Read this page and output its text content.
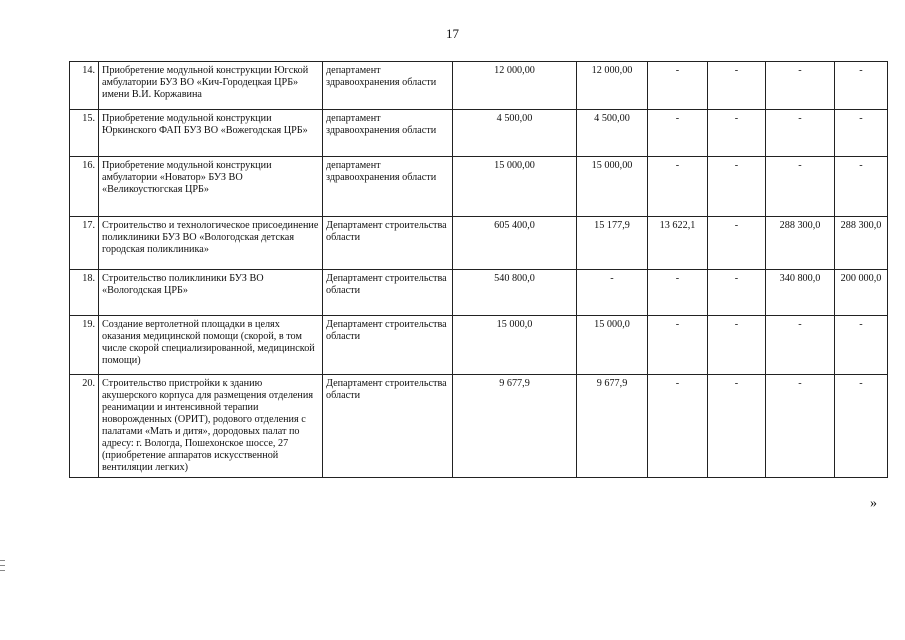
17
14.	Приобретение модульной конструкции Югской амбулатории БУЗ ВО «Кич-Городецкая ЦРБ» имени В.И. Коржавина	департамент здравоохранения области	12 000,00	12 000,00	-	-	-	-
15.	Приобретение модульной конструкции Юркинского ФАП БУЗ ВО «Вожегодская ЦРБ»	департамент здравоохранения области	4 500,00	4 500,00	-	-	-	-
16.	Приобретение модульной конструкции амбулатории «Новатор» БУЗ ВО «Великоустюгская ЦРБ»	департамент здравоохранения области	15 000,00	15 000,00	-	-	-	-
17.	Строительство и технологическое присоединение поликлиники БУЗ ВО «Вологодская детская городская поликлиника»	Департамент строительства области	605 400,0	15 177,9	13 622,1	-	288 300,0	288 300,0
18.	Строительство поликлиники БУЗ ВО «Вологодская ЦРБ»	Департамент строительства области	540 800,0	-	-	-	340 800,0	200 000,0
19.	Создание вертолетной площадки в целях оказания медицинской помощи (скорой, в том числе скорой специализированной, медицинской помощи)	Департамент строительства области	15 000,0	15 000,0	-	-	-	-
20.	Строительство пристройки к зданию акушерского корпуса для размещения отделения реанимации и интенсивной терапии новорожденных (ОРИТ), родового отделения с палатами «Мать и дитя», дородовых палат по адресу: г. Вологда, Пошехонское шоссе, 27 (приобретение аппаратов искусственной вентиляции легких)	Департамент строительства области	9 677,9	9 677,9	-	-	-	-
»
